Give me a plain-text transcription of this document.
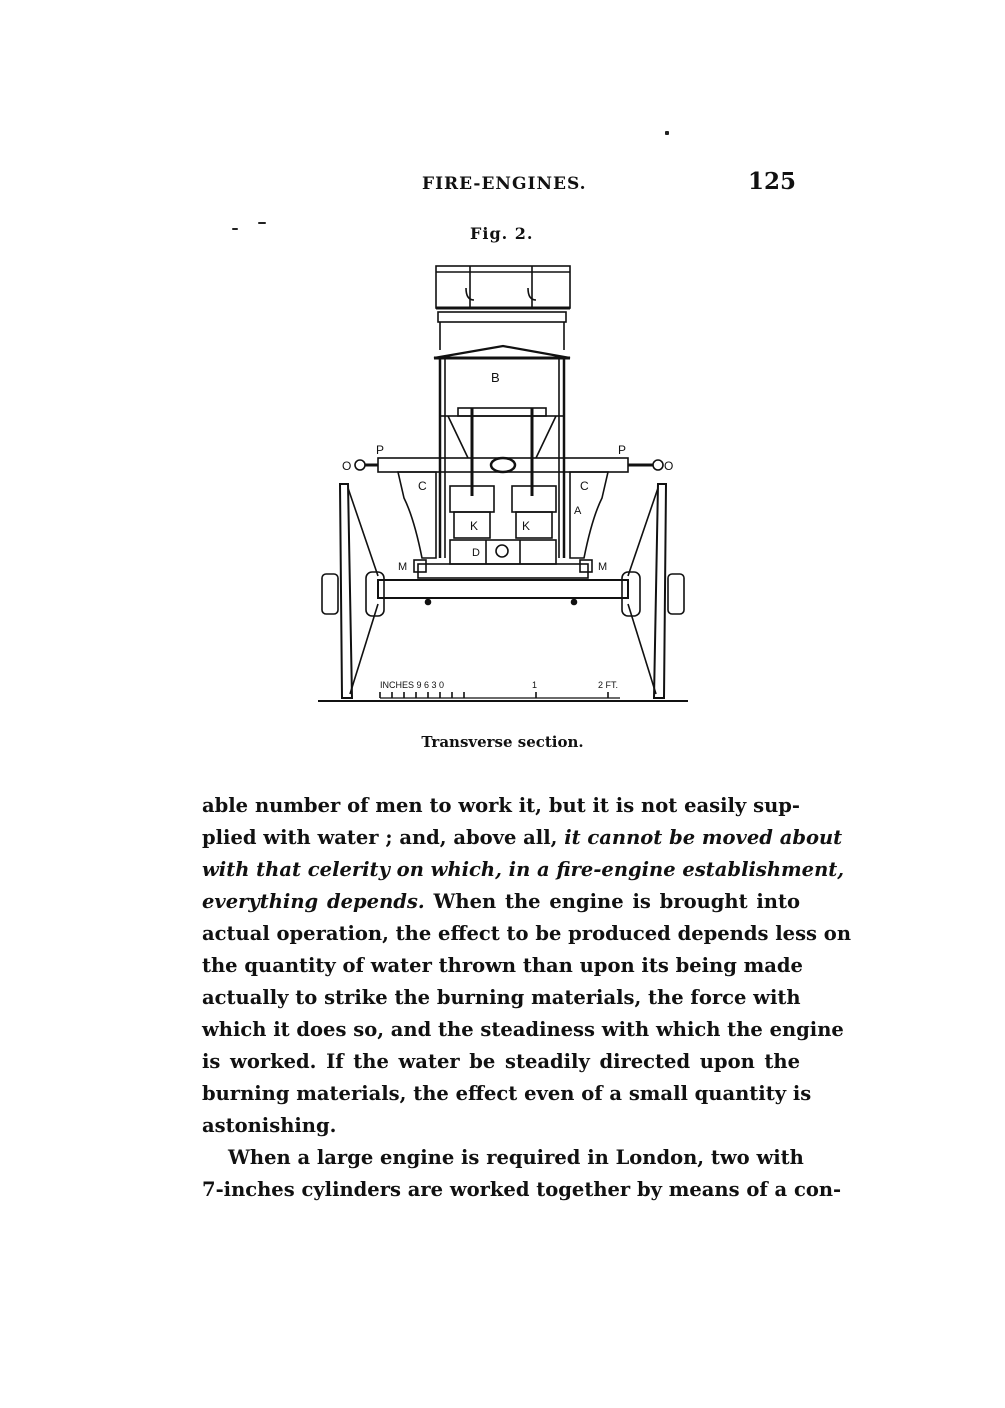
FIRE-ENGINES.	125
Fig. 2.
B
P	P
O	O
C	C
A
K	K
D
M	M
INCHES 9 6 3 0	1	2 FT.
Transverse section.
able number of men to work it, but it is not easily sup-
plied with water ; and, above all, it cannot be moved about
with that celerity on which, in a fire-engine establishment,
everything depends. When the engine is brought into
actual operation, the effect to be produced depends less on
the quantity of water thrown than upon its being made
actually to strike the burning materials, the force with
which it does so, and the steadiness with which the engine
is worked. If the water be steadily directed upon the
burning materials, the effect even of a small quantity is
astonishing.
When a large engine is required in London, two with
7-inches cylinders are worked together by means of a con-
